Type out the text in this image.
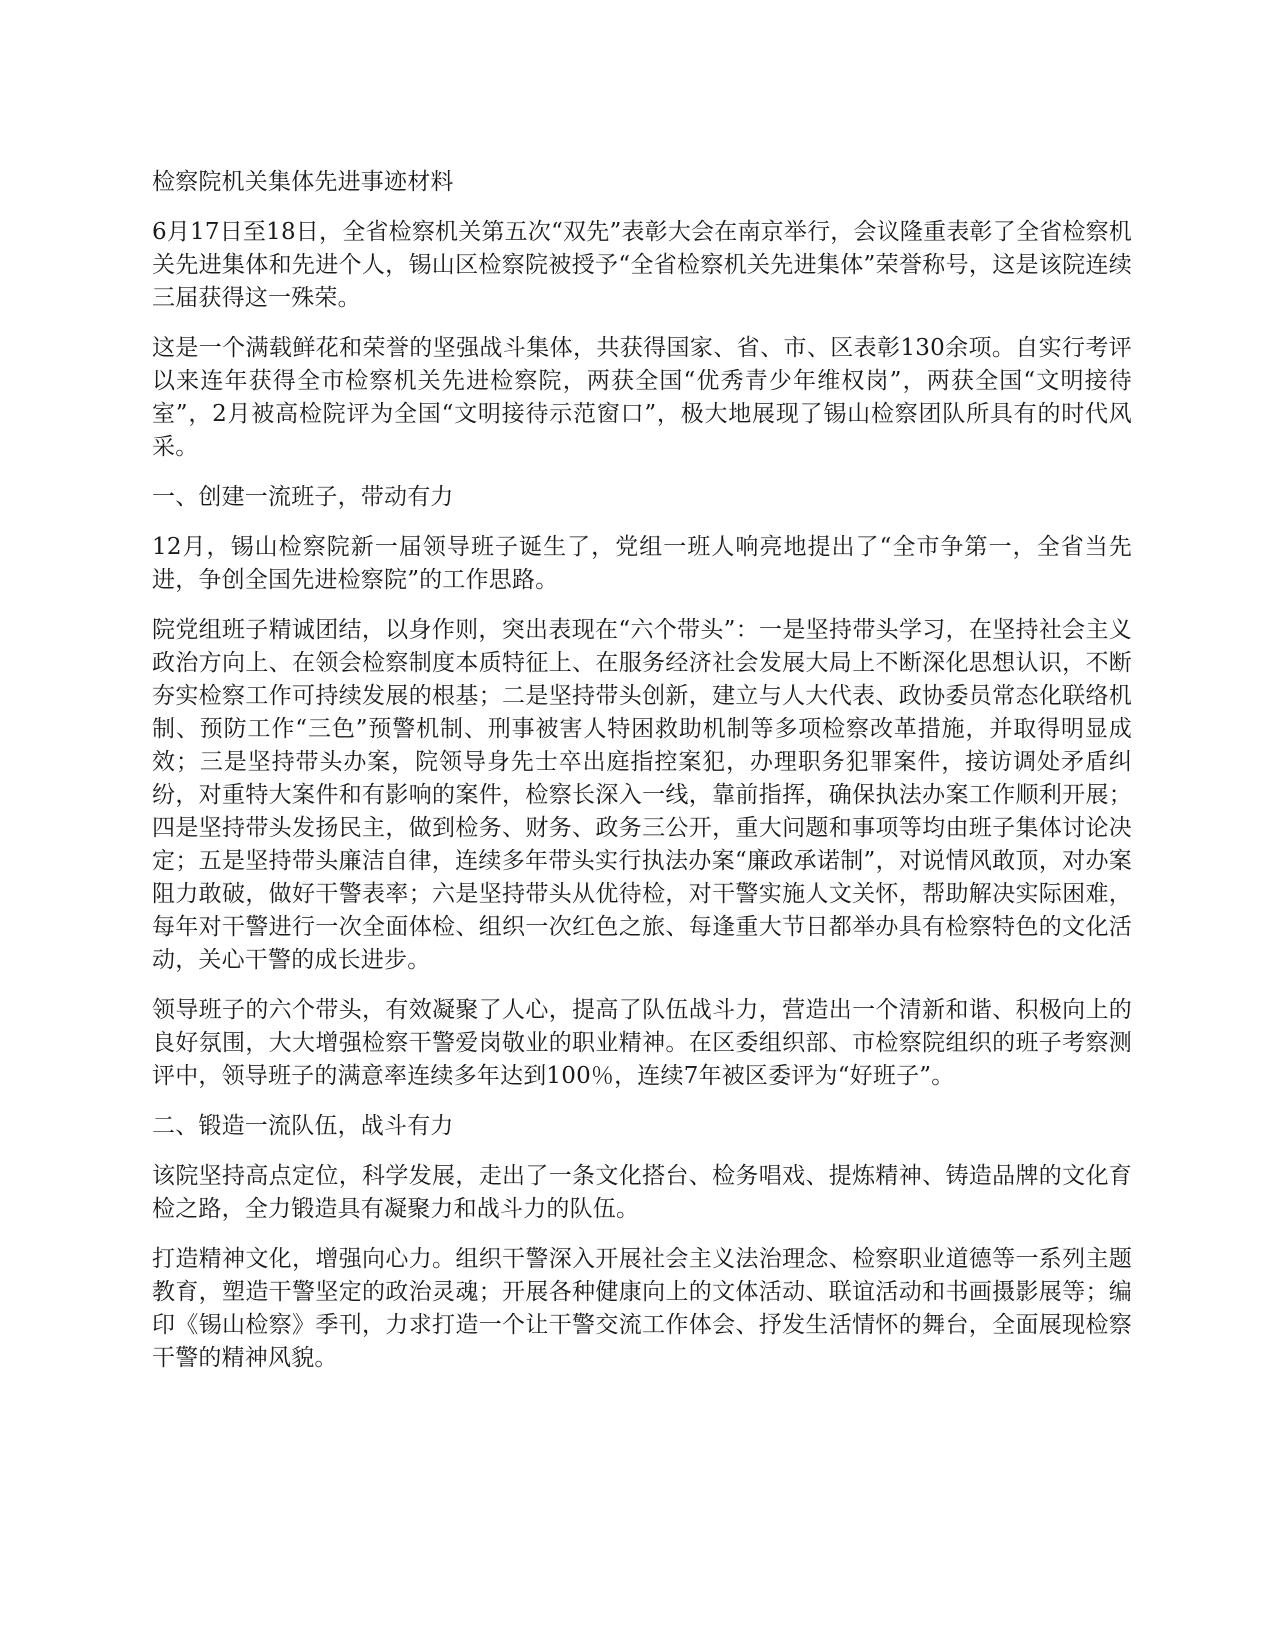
检察院机关集体先进事迹材料

6月17日至18日，全省检察机关第五次“双先”表彰大会在南京举行，会议隆重表彰了全省检察机关先进集体和先进个人，锡山区检察院被授予“全省检察机关先进集体”荣誉称号，这是该院连续三届获得这一殊荣。

这是一个满载鲜花和荣誉的坚强战斗集体，共获得国家、省、市、区表彰130余项。自实行考评以来连年获得全市检察机关先进检察院，两获全国“优秀青少年维权岗”，两获全国“文明接待室”，2月被高检院评为全国“文明接待示范窗口”，极大地展现了锡山检察团队所具有的时代风采。

一、创建一流班子，带动有力

12月，锡山检察院新一届领导班子诞生了，党组一班人响亮地提出了“全市争第一，全省当先进，争创全国先进检察院”的工作思路。

院党组班子精诚团结，以身作则，突出表现在“六个带头”：一是坚持带头学习，在坚持社会主义政治方向上、在领会检察制度本质特征上、在服务经济社会发展大局上不断深化思想认识，不断夯实检察工作可持续发展的根基；二是坚持带头创新，建立与人大代表、政协委员常态化联络机制、预防工作“三色”预警机制、刑事被害人特困救助机制等多项检察改革措施，并取得明显成效；三是坚持带头办案，院领导身先士卒出庭指控案犯，办理职务犯罪案件，接访调处矛盾纠纷，对重特大案件和有影响的案件，检察长深入一线，靠前指挥，确保执法办案工作顺利开展；四是坚持带头发扬民主，做到检务、财务、政务三公开，重大问题和事项等均由班子集体讨论决定；五是坚持带头廉洁自律，连续多年带头实行执法办案“廉政承诺制”，对说情风敢顶，对办案阻力敢破，做好干警表率；六是坚持带头从优待检，对干警实施人文关怀，帮助解决实际困难，每年对干警进行一次全面体检、组织一次红色之旅、每逢重大节日都举办具有检察特色的文化活动，关心干警的成长进步。

领导班子的六个带头，有效凝聚了人心，提高了队伍战斗力，营造出一个清新和谐、积极向上的良好氛围，大大增强检察干警爱岗敬业的职业精神。在区委组织部、市检察院组织的班子考察测评中，领导班子的满意率连续多年达到100％，连续7年被区委评为“好班子”。

二、锻造一流队伍，战斗有力

该院坚持高点定位，科学发展，走出了一条文化搭台、检务唱戏、提炼精神、铸造品牌的文化育检之路，全力锻造具有凝聚力和战斗力的队伍。

打造精神文化，增强向心力。组织干警深入开展社会主义法治理念、检察职业道德等一系列主题教育，塑造干警坚定的政治灵魂；开展各种健康向上的文体活动、联谊活动和书画摄影展等；编印《锡山检察》季刊，力求打造一个让干警交流工作体会、抒发生活情怀的舞台，全面展现检察干警的精神风貌。
